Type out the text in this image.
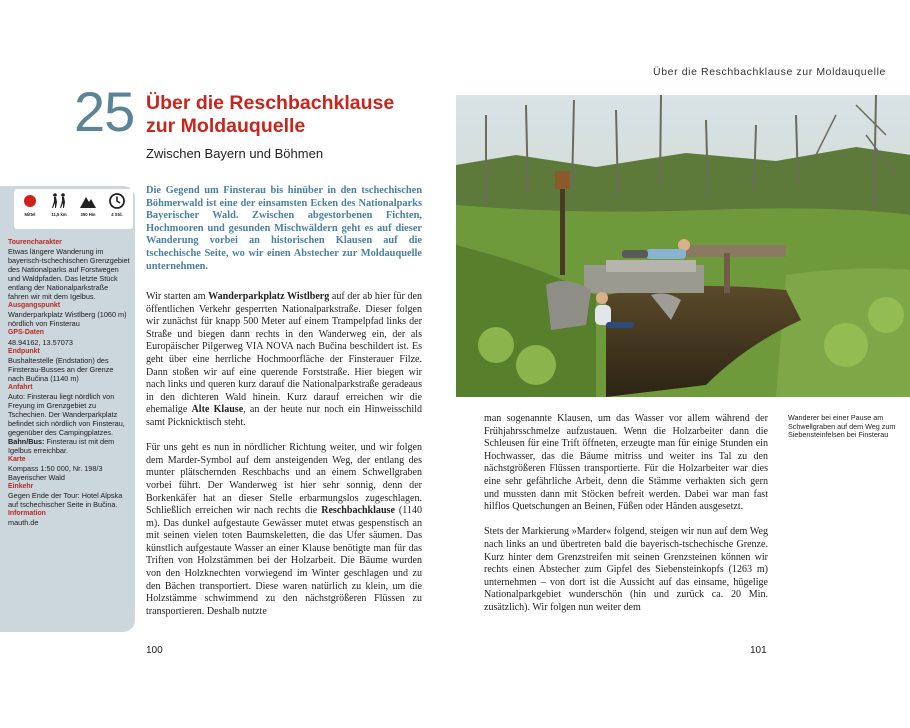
Über die Reschbachklause zur Moldauquelle
25 Über die Reschbachklause
zur Moldauquelle
Zwischen Bayern und Böhmen
Mittel	11,5 km	350 Hm	4 Std.

Tourencharakter

Etwas längere Wanderung im bayerisch-tschechischen Grenzgebiet des Nationalparks auf Forstwegen und Waldpfaden. Das letzte Stück entlang der Nationalparkstraße fahren wir mit dem Igelbus.

Ausgangspunkt

Wanderparkplatz Wistlberg (1060 m) nördlich von Finsterau

GPS-Daten

48.94162, 13.57073

Endpunkt

Bushaltestelle (Endstation) des Finsterau-Busses an der Grenze nach Bučina (1140 m)

Anfahrt

Auto: Finsterau liegt nördlich von Freyung im Grenzgebiet zu Tschechien. Der Wanderparkplatz befindet sich nördlich von Finsterau, gegenüber des Campingplatzes.

Bahn/Bus: Finsterau ist mit dem Igelbus erreichbar.

Karte

Kompass 1:50 000, Nr. 198/3 Bayerischer Wald

Einkehr

Gegen Ende der Tour: Hotel Alpska auf tschechischer Seite in Bučina.

Information

mauth.de

Die Gegend um Finsterau bis hinüber in den tschechischen Böhmerwald ist eine der einsamsten Ecken des Nationalparks Bayerischer Wald. Zwischen abgestorbenen Fichten, Hochmooren und gesunden Mischwäldern geht es auf dieser Wanderung vorbei an historischen Klausen auf die tschechische Seite, wo wir einen Abstecher zur Moldauquelle unternehmen.

Wir starten am Wanderparkplatz Wistlberg auf der ab hier für den öffentlichen Verkehr gesperrten Nationalparkstraße. Dieser folgen wir zunächst für knapp 500 Meter auf einem Trampelpfad links der Straße und biegen dann rechts in den Wanderweg ein, der als Europäischer Pilgerweg VIA NOVA nach Bučina beschildert ist. Es geht über eine herrliche Hochmoorfläche der Finsterauer Filze. Dann stoßen wir auf eine querende Forststraße. Hier biegen wir nach links und queren kurz darauf die Nationalparkstraße geradeaus in den dichteren Wald hinein. Kurz darauf erreichen wir die ehemalige Alte Klause, an der heute nur noch ein Hinweisschild samt Picknicktisch steht.

Für uns geht es nun in nördlicher Richtung weiter, und wir folgen dem Marder-Symbol auf dem ansteigenden Weg, der entlang des munter plätschernden Reschbachs und an einem Schwellgraben vorbei führt. Der Wanderweg ist hier sehr sonnig, denn der Borkenkäfer hat an dieser Stelle erbarmungslos zugeschlagen. Schließlich erreichen wir nach rechts die Reschbachklause (1140 m). Das dunkel aufgestaute Gewässer mutet etwas gespenstisch an mit seinen vielen toten Baumskeletten, die das Ufer säumen. Das künstlich aufgestaute Wasser an einer Klause benötigte man für das Triften von Holzstämmen bei der Holzarbeit. Die Bäume wurden von den Holzknechten vorwiegend im Winter geschlagen und zu den Bächen transportiert. Diese waren natürlich zu klein, um die Holzstämme schwimmend zu den nächstgrößeren Flüssen zu transportieren. Deshalb nutzte

Wanderer bei einer Pause am Schwellgraben auf dem Weg zum Siebensteinfelsen bei Finsterau

man sogenannte Klausen, um das Wasser vor allem während der Frühjahrsschmelze aufzustauen. Wenn die Holzarbeiter dann die Schleusen für eine Trift öffneten, erzeugte man für einige Stunden ein Hochwasser, das die Bäume mitriss und weiter ins Tal zu den nächstgrößeren Flüssen transportierte. Für die Holzarbeiter war dies eine sehr gefährliche Arbeit, denn die Stämme verhakten sich gern und mussten dann mit Stöcken befreit werden. Dabei war man fast hilflos Quetschungen an Beinen, Füßen oder Händen ausgesetzt.

Stets der Markierung »Marder« folgend, steigen wir nun auf dem Weg nach links an und übertreten bald die bayerisch-tschechische Grenze. Kurz hinter dem Grenzstreifen mit seinen Grenzsteinen können wir rechts einen Abstecher zum Gipfel des Siebensteinkopfs (1263 m) unternehmen – von dort ist die Aussicht auf das einsame, hügelige Nationalparkgebiet wunderschön (hin und zurück ca. 20 Min. zusätzlich). Wir folgen nun weiter dem

100	101
